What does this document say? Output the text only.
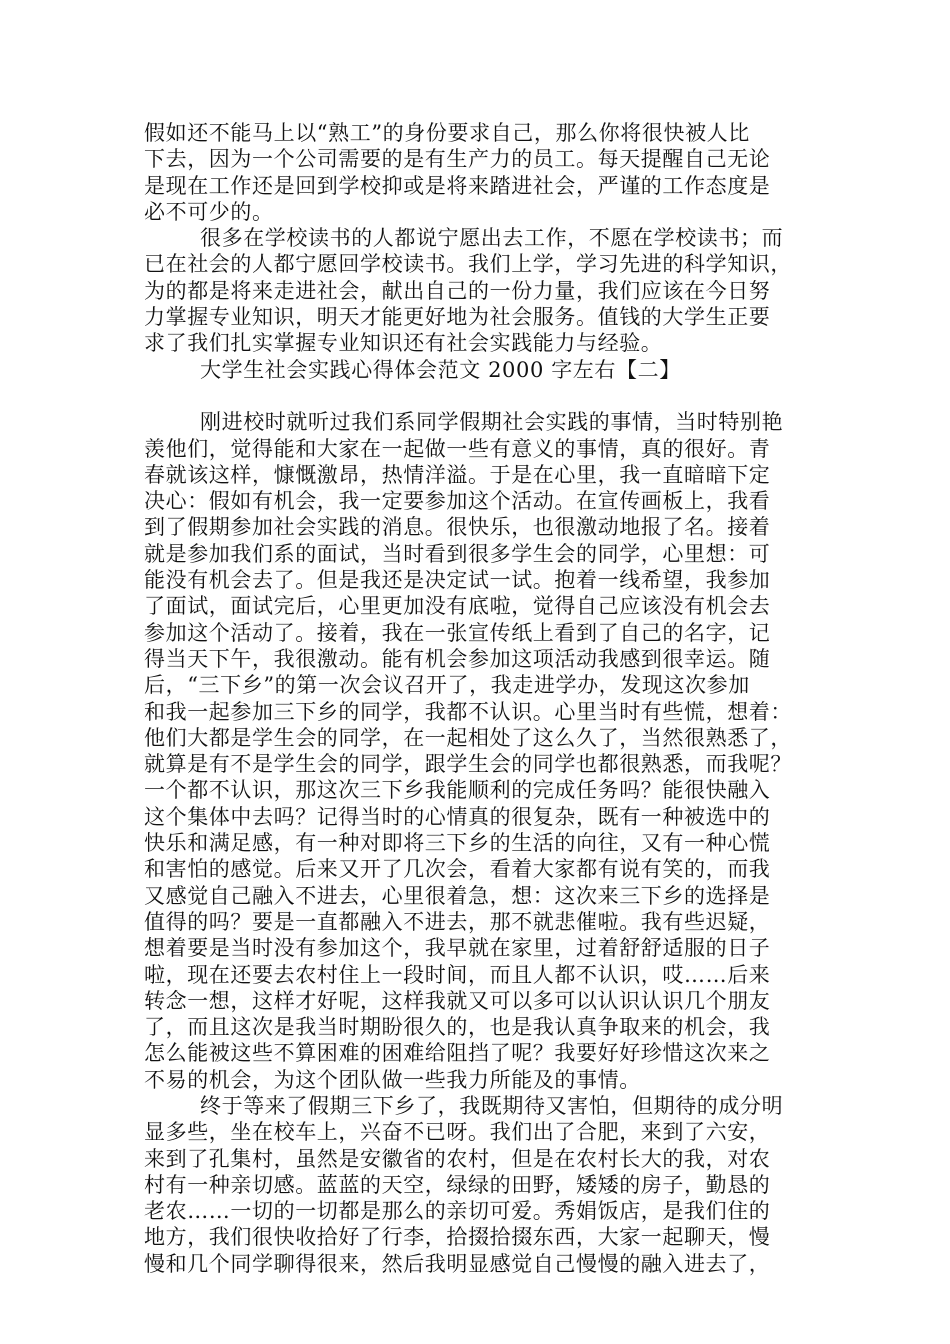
假如还不能马上以“熟工”的身份要求自己，那么你将很快被人比
下去，因为一个公司需要的是有生产力的员工。每天提醒自己无论
是现在工作还是回到学校抑或是将来踏进社会，严谨的工作态度是
必不可少的。
很多在学校读书的人都说宁愿出去工作，不愿在学校读书；而
已在社会的人都宁愿回学校读书。我们上学，学习先进的科学知识，
为的都是将来走进社会，献出自己的一份力量，我们应该在今日努
力掌握专业知识，明天才能更好地为社会服务。值钱的大学生正要
求了我们扎实掌握专业知识还有社会实践能力与经验。
大学生社会实践心得体会范文 2000 字左右【二】
刚进校时就听过我们系同学假期社会实践的事情，当时特别艳
羡他们，觉得能和大家在一起做一些有意义的事情，真的很好。青
春就该这样，慷慨激昂，热情洋溢。于是在心里，我一直暗暗下定
决心：假如有机会，我一定要参加这个活动。在宣传画板上，我看
到了假期参加社会实践的消息。很快乐，也很激动地报了名。接着
就是参加我们系的面试，当时看到很多学生会的同学，心里想：可
能没有机会去了。但是我还是决定试一试。抱着一线希望，我参加
了面试，面试完后，心里更加没有底啦，觉得自己应该没有机会去
参加这个活动了。接着，我在一张宣传纸上看到了自己的名字，记
得当天下午，我很激动。能有机会参加这项活动我感到很幸运。随
后，“三下乡”的第一次会议召开了，我走进学办，发现这次参加
和我一起参加三下乡的同学，我都不认识。心里当时有些慌，想着：
他们大都是学生会的同学，在一起相处了这么久了，当然很熟悉了，
就算是有不是学生会的同学，跟学生会的同学也都很熟悉，而我呢？
一个都不认识，那这次三下乡我能顺利的完成任务吗？能很快融入
这个集体中去吗？记得当时的心情真的很复杂，既有一种被选中的
快乐和满足感，有一种对即将三下乡的生活的向往，又有一种心慌
和害怕的感觉。后来又开了几次会，看着大家都有说有笑的，而我
又感觉自己融入不进去，心里很着急，想：这次来三下乡的选择是
值得的吗？要是一直都融入不进去，那不就悲催啦。我有些迟疑，
想着要是当时没有参加这个，我早就在家里，过着舒舒适服的日子
啦，现在还要去农村住上一段时间，而且人都不认识，哎……后来
转念一想，这样才好呢，这样我就又可以多可以认识认识几个朋友
了，而且这次是我当时期盼很久的，也是我认真争取来的机会，我
怎么能被这些不算困难的困难给阻挡了呢？我要好好珍惜这次来之
不易的机会，为这个团队做一些我力所能及的事情。
终于等来了假期三下乡了，我既期待又害怕，但期待的成分明
显多些，坐在校车上，兴奋不已呀。我们出了合肥，来到了六安，
来到了孔集村，虽然是安徽省的农村，但是在农村长大的我，对农
村有一种亲切感。蓝蓝的天空，绿绿的田野，矮矮的房子，勤恳的
老农……一切的一切都是那么的亲切可爱。秀娟饭店，是我们住的
地方，我们很快收拾好了行李，拾掇拾掇东西，大家一起聊天，慢
慢和几个同学聊得很来，然后我明显感觉自己慢慢的融入进去了，
